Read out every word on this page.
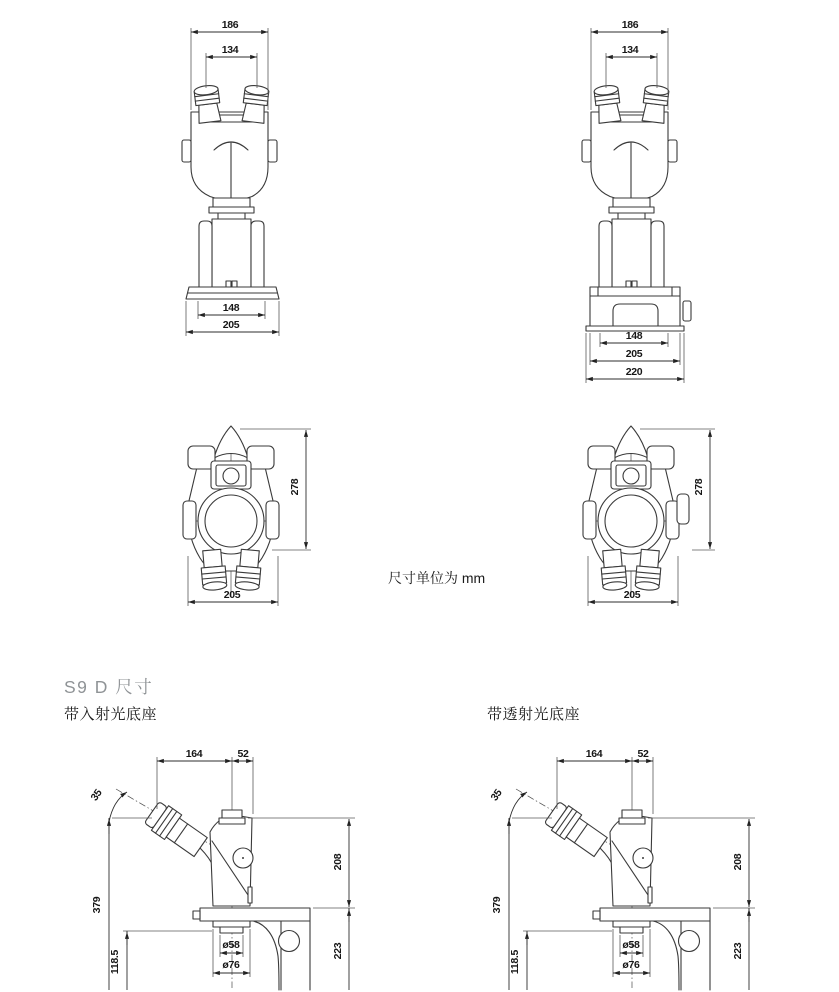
186
134
148
205
186
134
148
205
220
278
205
278
205
164	52
35
379
208
223
118.5
ø58
ø76
164	52
35
379
208
223
118.5
ø58
ø76
尺寸单位为 mm
S9 D 尺寸
带入射光底座	带透射光底座
